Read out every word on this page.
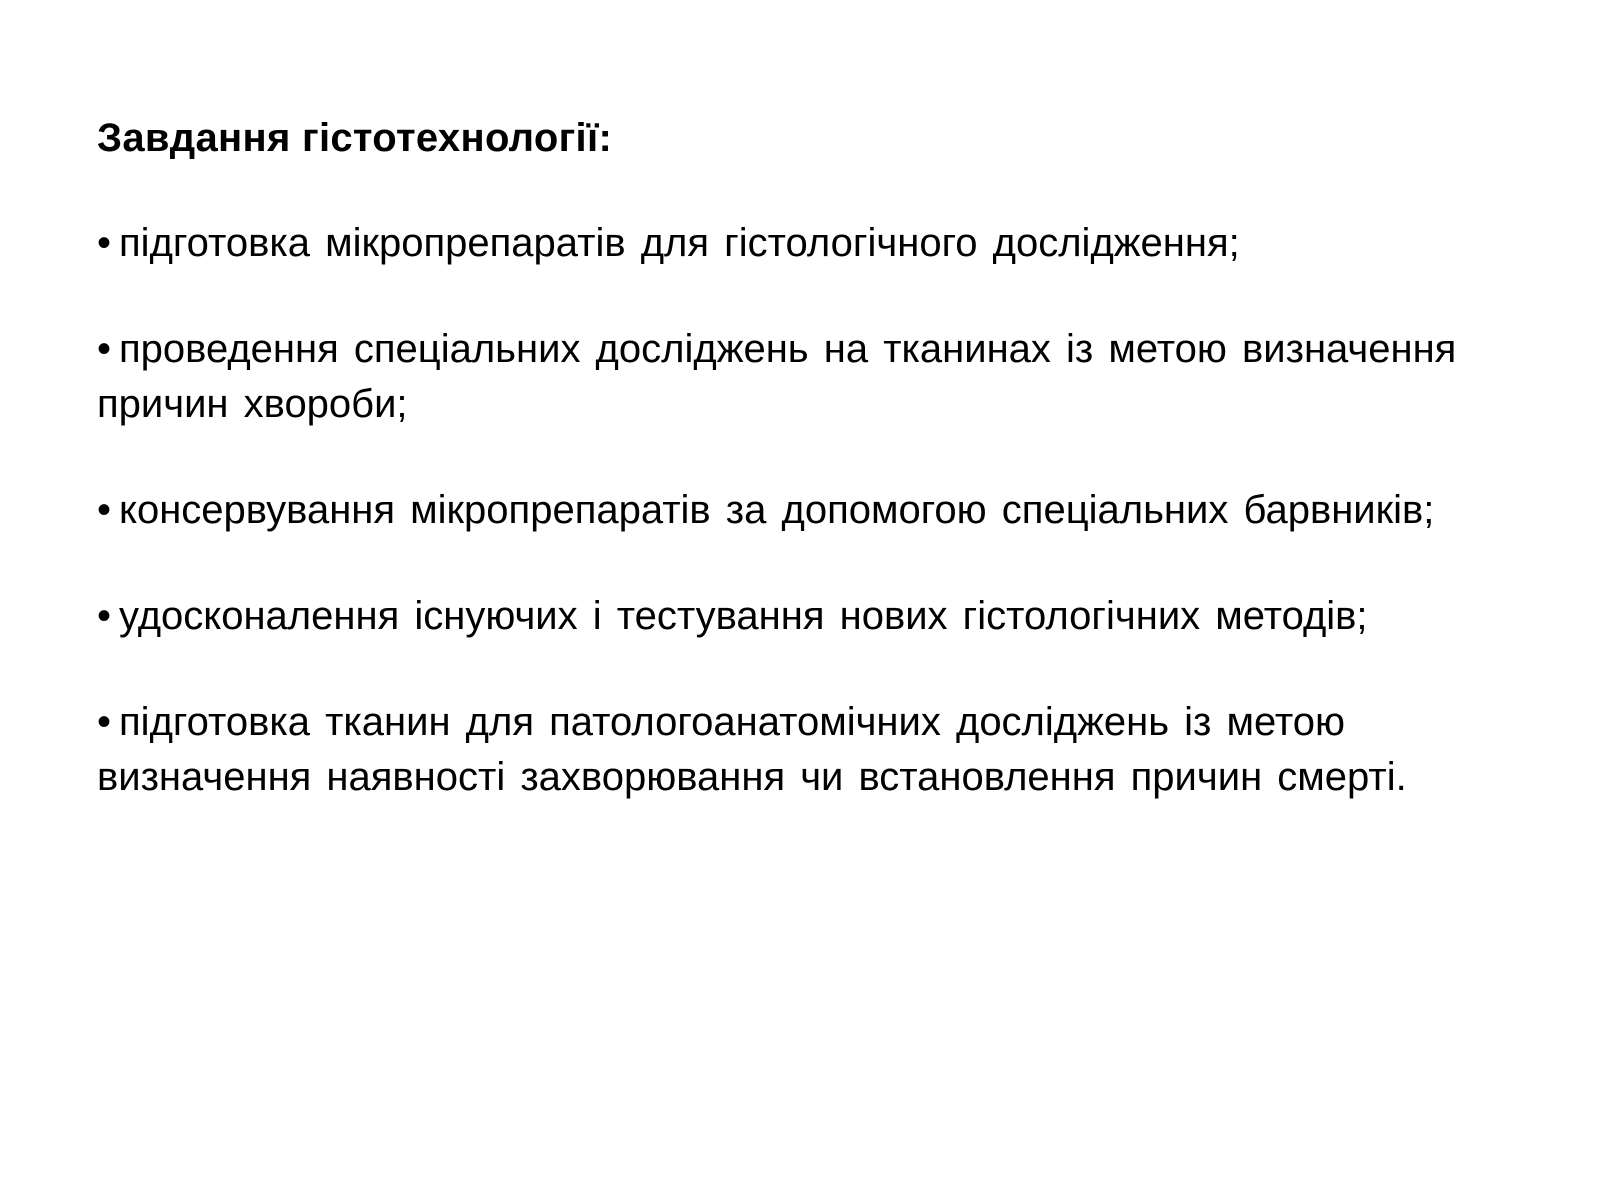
Завдання гістотехнології:
• підготовка мікропрепаратів для гістологічного дослідження;
• проведення спеціальних досліджень на тканинах із метою визначення причин хвороби;
• консервування мікропрепаратів за допомогою спеціальних барвників;
• удосконалення існуючих і тестування нових гістологічних методів;
• підготовка тканин для патологоанатомічних досліджень із метою визначення наявності захворювання чи встановлення причин смерті.
